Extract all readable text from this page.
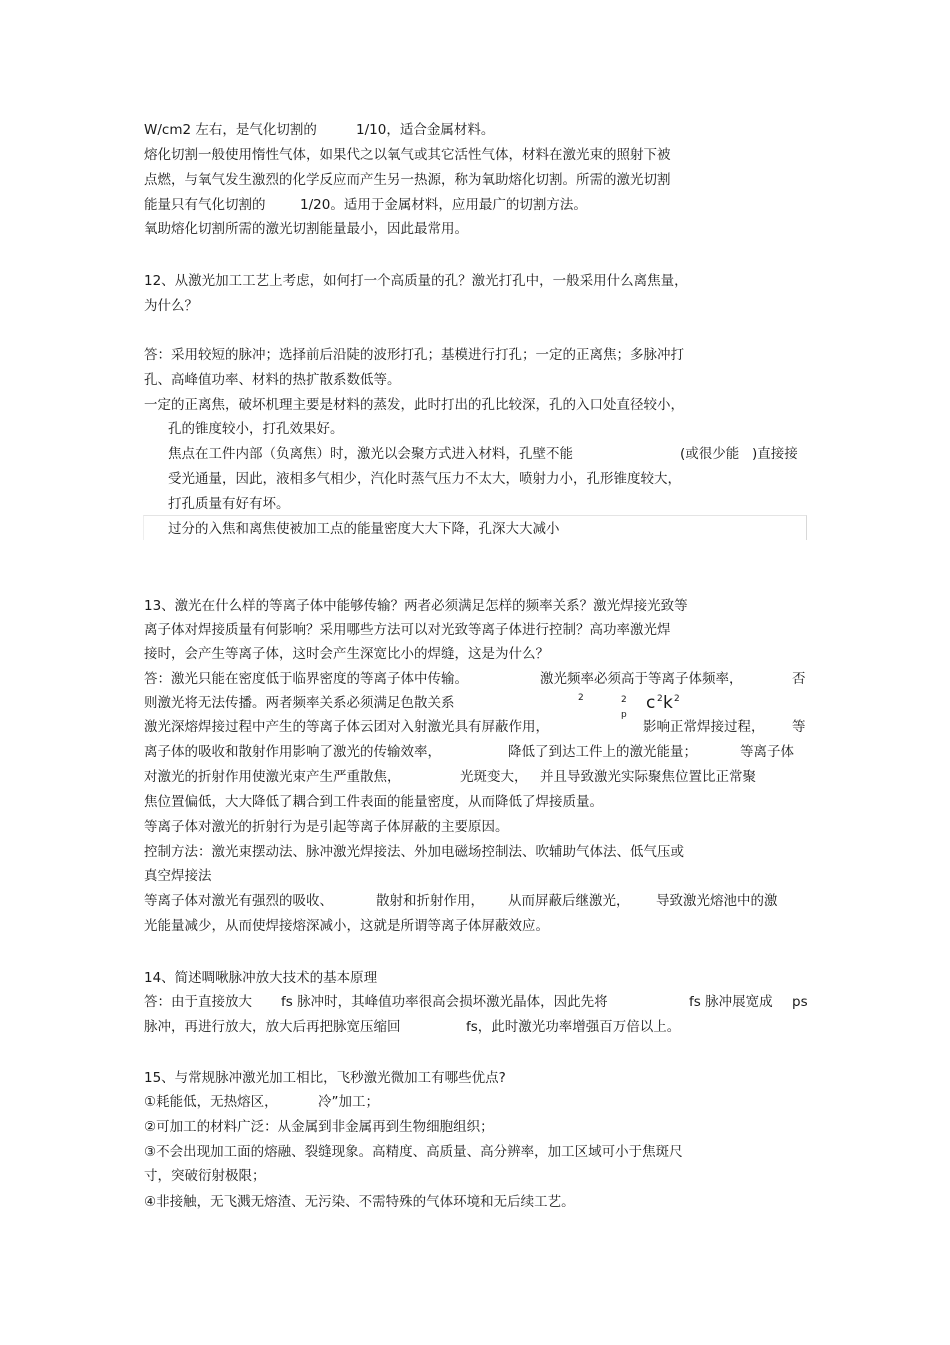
W/cm2 左右，是气化切割的	1/10，适合金属材料。
熔化切割一般使用惰性气体，如果代之以氧气或其它活性气体，材料在激光束的照射下被
点燃，与氧气发生激烈的化学反应而产生另一热源，称为氧助熔化切割。所需的激光切割
能量只有气化切割的	1/20。适用于金属材料，应用最广的切割方法。
氧助熔化切割所需的激光切割能量最小，因此最常用。
12、从激光加工工艺上考虑，如何打一个高质量的孔？激光打孔中，一般采用什么离焦量，
为什么？
答：采用较短的脉冲；选择前后沿陡的波形打孔；基模进行打孔；一定的正离焦；多脉冲打
孔、高峰值功率、材料的热扩散系数低等。
一定的正离焦，破坏机理主要是材料的蒸发，此时打出的孔比较深，孔的入口处直径较小，
孔的锥度较小，打孔效果好。
焦点在工件内部（负离焦）时，激光以会聚方式进入材料，孔壁不能	(或很少能 )直接接
受光通量，因此，液相多气相少，汽化时蒸气压力不太大，喷射力小，孔形锥度较大，
打孔质量有好有坏。
过分的入焦和离焦使被加工点的能量密度大大下降，孔深大大减小
13、激光在什么样的等离子体中能够传输？两者必须满足怎样的频率关系？激光焊接光致等
离子体对焊接质量有何影响？采用哪些方法可以对光致等离子体进行控制？高功率激光焊
接时，会产生等离子体，这时会产生深宽比小的焊缝，这是为什么？
答：激光只能在密度低于临界密度的等离子体中传输。	激光频率必须高于等离子体频率，	否
则激光将无法传播。两者频率关系必须满足色散关系	2	2
p
c 2 k 2
激光深熔焊接过程中产生的等离子体云团对入射激光具有屏蔽作用，	影响正常焊接过程， 等
离子体的吸收和散射作用影响了激光的传输效率，	降低了到达工件上的激光能量；	等离子体
对激光的折射作用使激光束产生严重散焦，	光斑变大， 并且导致激光实际聚焦位置比正常聚
焦位置偏低，大大降低了耦合到工件表面的能量密度，从而降低了焊接质量。
等离子体对激光的折射行为是引起等离子体屏蔽的主要原因。
控制方法：激光束摆动法、脉冲激光焊接法、外加电磁场控制法、吹辅助气体法、低气压或
真空焊接法
等离子体对激光有强烈的吸收、	散射和折射作用， 从而屏蔽后继激光， 导致激光熔池中的激
光能量减少，从而使焊接熔深减小，这就是所谓等离子体屏蔽效应。
14、简述啁啾脉冲放大技术的基本原理
答：由于直接放大 fs 脉冲时，其峰值功率很高会损坏激光晶体，因此先将	fs 脉冲展宽成 ps
脉冲，再进行放大，放大后再把脉宽压缩回	fs，此时激光功率增强百万倍以上。
15、与常规脉冲激光加工相比，飞秒激光微加工有哪些优点?
①耗能低，无热熔区，	冷”加工；
②可加工的材料广泛：从金属到非金属再到生物细胞组织；
③不会出现加工面的熔融、裂缝现象。高精度、高质量、高分辨率，加工区域可小于焦斑尺
寸，突破衍射极限；
④非接触，无飞溅无熔渣、无污染、不需特殊的气体环境和无后续工艺。
